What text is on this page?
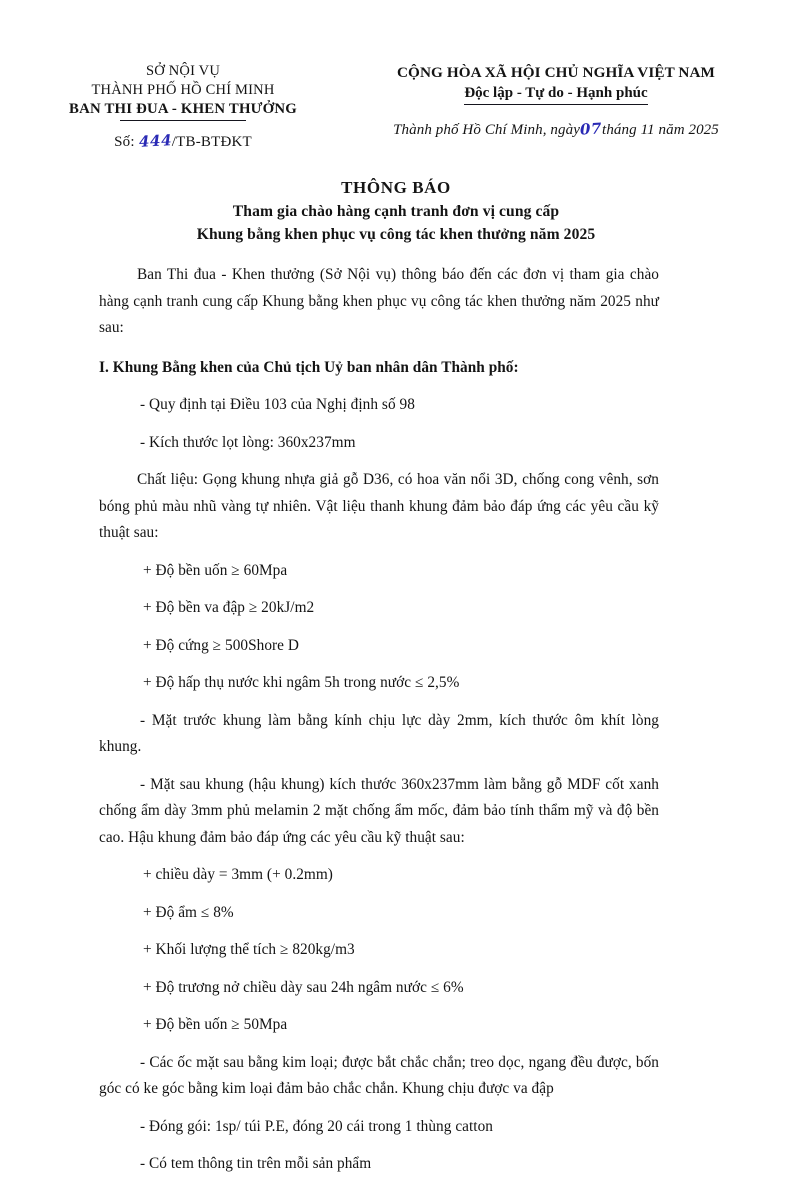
SỞ NỘI VỤ
THÀNH PHỐ HỒ CHÍ MINH
BAN THI ĐUA - KHEN THƯỞNG
Số: 444/TB-BTĐKT
CỘNG HÒA XÃ HỘI CHỦ NGHĨA VIỆT NAM
Độc lập - Tự do - Hạnh phúc
Thành phố Hồ Chí Minh, ngày07tháng 11 năm 2025
THÔNG BÁO
Tham gia chào hàng cạnh tranh đơn vị cung cấp
Khung bằng khen phục vụ công tác khen thưởng năm 2025

Ban Thi đua - Khen thưởng (Sở Nội vụ) thông báo đến các đơn vị tham gia chào hàng cạnh tranh cung cấp Khung bằng khen phục vụ công tác khen thưởng năm 2025 như sau:

I. Khung Bằng khen của Chủ tịch Uỷ ban nhân dân Thành phố:

- Quy định tại Điều 103 của Nghị định số 98

- Kích thước lọt lòng: 360x237mm

Chất liệu: Gọng khung nhựa giả gỗ D36, có hoa văn nổi 3D, chống cong vênh, sơn bóng phủ màu nhũ vàng tự nhiên. Vật liệu thanh khung đảm bảo đáp ứng các yêu cầu kỹ thuật sau:

+ Độ bền uốn ≥ 60Mpa

+ Độ bền va đập ≥ 20kJ/m2

+ Độ cứng ≥ 500Shore D

+ Độ hấp thụ nước khi ngâm 5h trong nước ≤ 2,5%

- Mặt trước khung làm bằng kính chịu lực dày 2mm, kích thước ôm khít lòng khung.

- Mặt sau khung (hậu khung) kích thước 360x237mm làm bằng gỗ MDF cốt xanh chống ẩm dày 3mm phủ melamin 2 mặt chống ẩm mốc, đảm bảo tính thẩm mỹ và độ bền cao. Hậu khung đảm bảo đáp ứng các yêu cầu kỹ thuật sau:

+ chiều dày = 3mm (+ 0.2mm)

+ Độ ẩm ≤ 8%

+ Khối lượng thể tích ≥ 820kg/m3

+ Độ trương nở chiều dày sau 24h ngâm nước ≤ 6%

+ Độ bền uốn ≥ 50Mpa

- Các ốc mặt sau bằng kim loại; được bắt chắc chắn; treo dọc, ngang đều được, bốn góc có ke góc bằng kim loại đảm bảo chắc chắn. Khung chịu được va đập

- Đóng gói: 1sp/ túi P.E, đóng 20 cái trong 1 thùng catton

- Có tem thông tin trên mỗi sản phẩm
